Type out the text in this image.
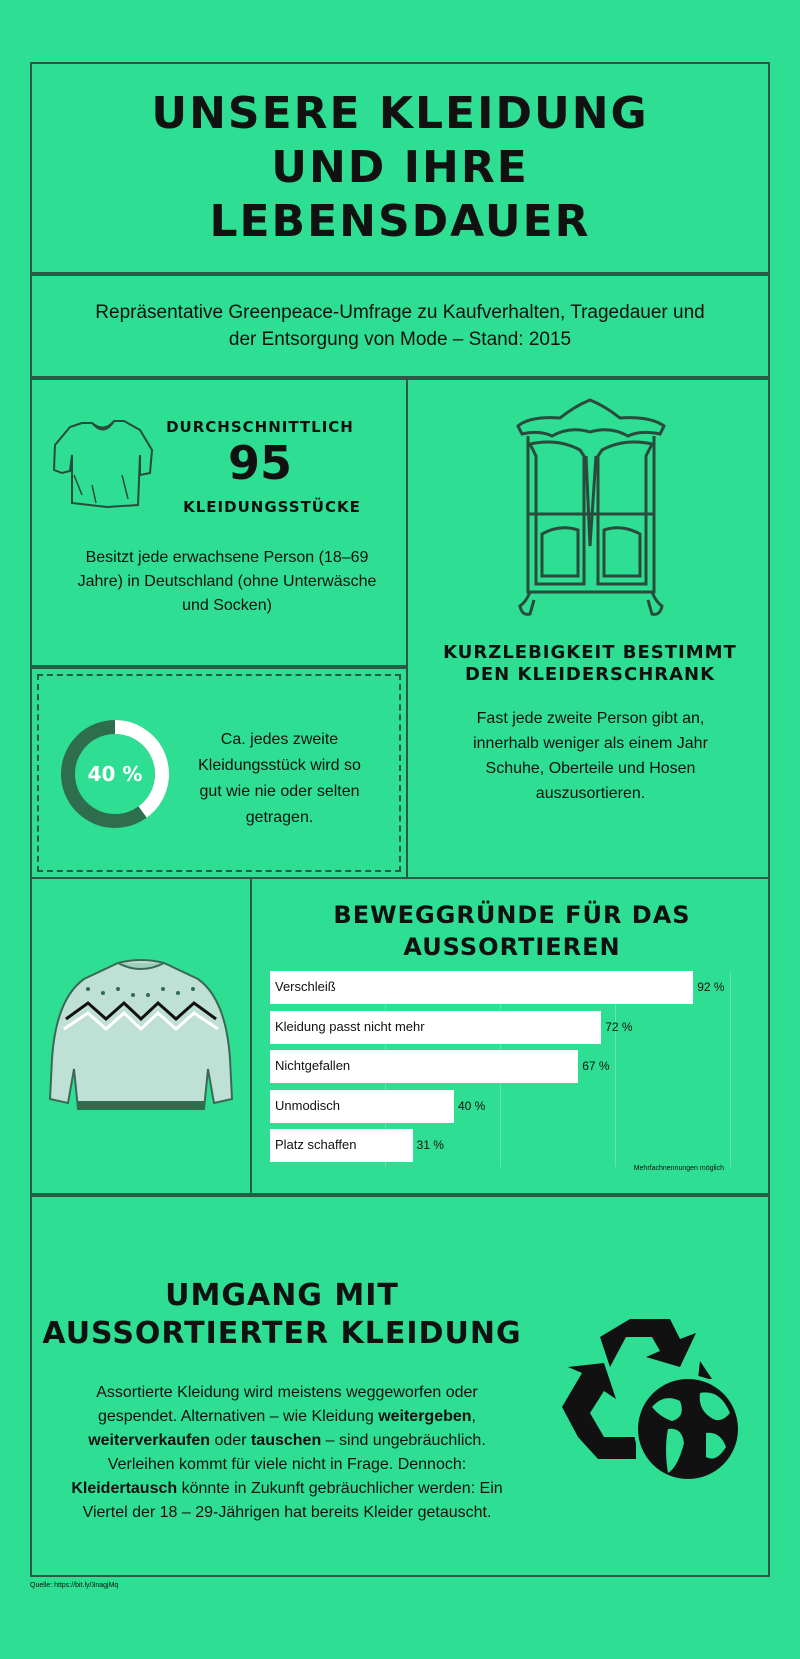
UNSERE KLEIDUNG UND IHRE LEBENSDAUER
Repräsentative Greenpeace-Umfrage zu Kaufverhalten, Tragedauer und der Entsorgung von Mode – Stand: 2015
DURCHSCHNITTLICH
95
KLEIDUNGSSTÜCKE
Besitzt jede erwachsene Person (18–69 Jahre) in Deutschland (ohne Unterwäsche und Socken)
40 %
Ca. jedes zweite Kleidungsstück wird so gut wie nie oder selten getragen.
KURZLEBIGKEIT BESTIMMT DEN KLEIDERSCHRANK
Fast jede zweite Person gibt an, innerhalb weniger als einem Jahr Schuhe, Oberteile und Hosen auszusortieren.
BEWEGGRÜNDE FÜR DAS AUSSORTIEREN
Verschleiß	92 %
Kleidung passt nicht mehr	72 %
Nichtgefallen	67 %
Unmodisch	40 %
Platz schaffen	31 %
Mehrfachnennungen möglich
UMGANG MIT AUSSORTIERTER KLEIDUNG
Assortierte Kleidung wird meistens weggeworfen oder gespendet. Alternativen – wie Kleidung weitergeben, weiterverkaufen oder tauschen – sind ungebräuchlich. Verleihen kommt für viele nicht in Frage. Dennoch: Kleidertausch könnte in Zukunft gebräuchlicher werden: Ein Viertel der 18 – 29-Jährigen hat bereits Kleider getauscht.
Quelle: https://bit.ly/3nagjMq
